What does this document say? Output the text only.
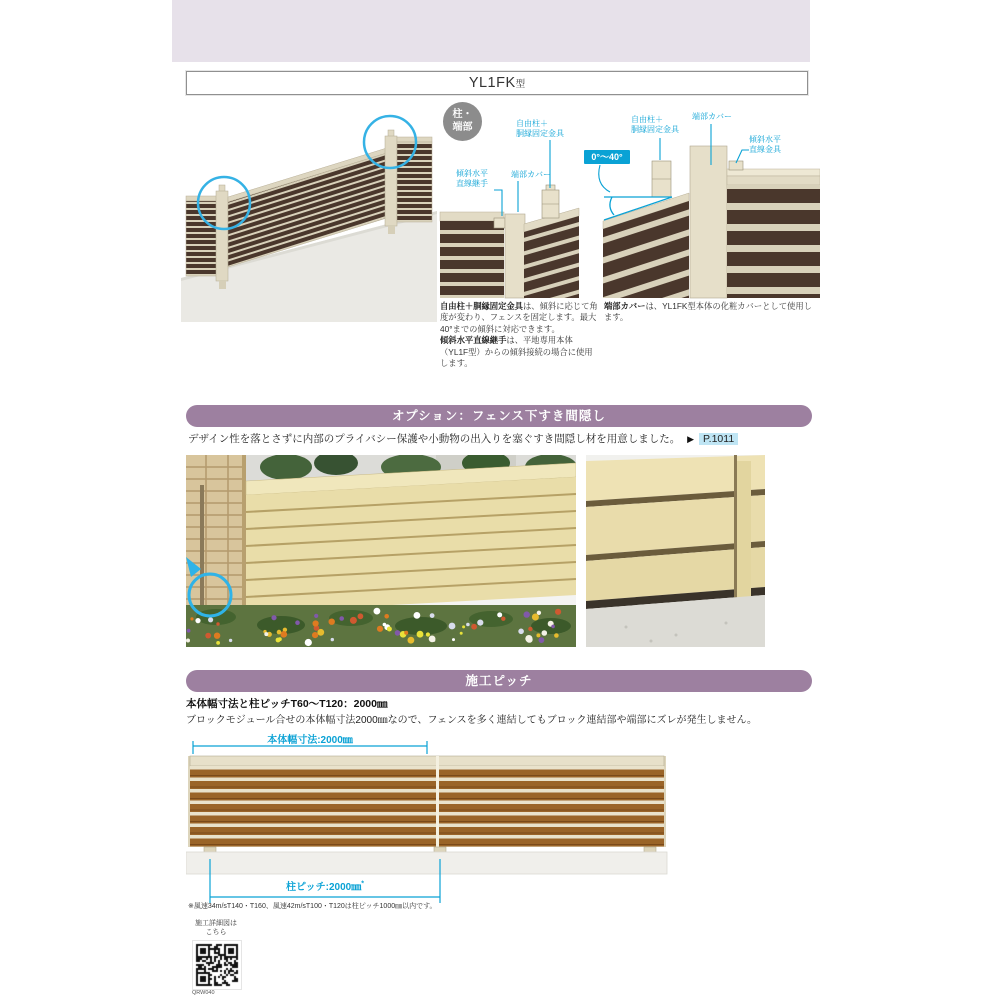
YL1FK型
柱・
端部	自由柱＋
胴縁固定金具
端部カバー
傾斜水平
直線継手
自由柱＋
胴縁固定金具
端部カバー
傾斜水平
直線金具
0°～40°

自由柱＋胴縁固定金具は、傾斜に応じて角度が変わり、フェンスを固定します。最大40°までの傾斜に対応できます。

傾斜水平直線継手は、平地専用本体（YL1F型）からの傾斜接続の場合に使用します。

端部カバーは、YL1FK型本体の化粧カバーとして使用します。

オプション：フェンス下すき間隠し
デザイン性を落とさずに内部のプライバシー保護や小動物の出入りを塞ぐすき間隠し材を用意しました。 ▶ P.1011
施工ピッチ
本体幅寸法と柱ピッチT60～T120：2000㎜
ブロックモジュール合せの本体幅寸法2000㎜なので、フェンスを多く連結してもブロック連結部や端部にズレが発生しません。
本体幅寸法:2000㎜
柱ピッチ:2000㎜*
※風速34m/sT140・T160、風速42m/sT100・T120は柱ピッチ1000㎜以内です。
施工詳細図は
こちら
QRW040
